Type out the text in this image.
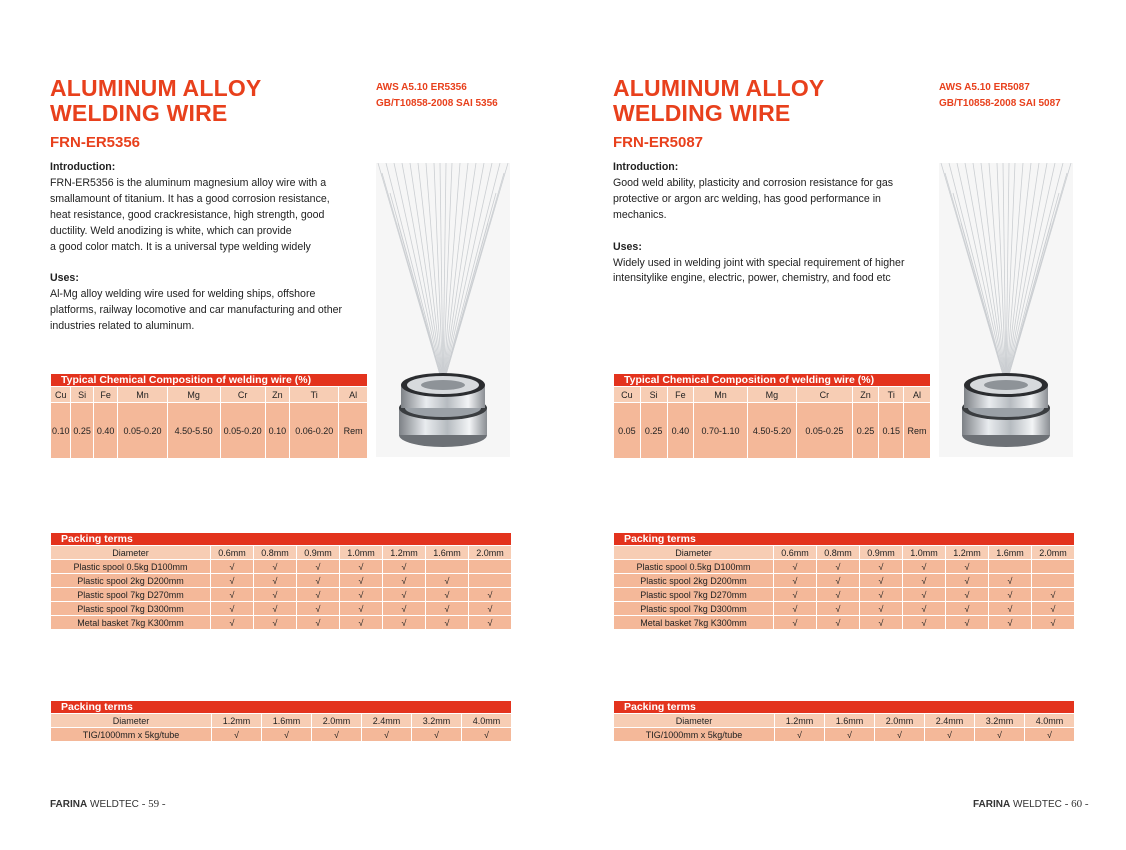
ALUMINUM ALLOY
WELDING WIRE
AWS A5.10 ER5356
GB/T10858-2008 SAI 5356
FRN-ER5356
Introduction:

FRN-ER5356 is the aluminum magnesium alloy wire with a

smallamount of titanium. It has a good corrosion resistance,

heat resistance, good crackresistance, high strength, good

ductility. Weld anodizing is white, which can provide

a good color match. It is a universal type welding widely

Uses:

Al-Mg alloy welding wire used for welding ships, offshore

platforms, railway locomotive and car manufacturing and other

industries related to aluminum.

Typical Chemical Composition of welding wire (%)								
Cu	Si	Fe	Mn	Mg	Cr	Zn	Ti	Al
0.10	0.25	0.40	0.05-0.20	4.50-5.50	0.05-0.20	0.10	0.06-0.20	Rem
Packing terms							
Diameter	0.6mm	0.8mm	0.9mm	1.0mm	1.2mm	1.6mm	2.0mm
Plastic spool 0.5kg D100mm	√	√	√	√	√		
Plastic spool 2kg D200mm	√	√	√	√	√	√	
Plastic spool 7kg D270mm	√	√	√	√	√	√	√
Plastic spool 7kg D300mm	√	√	√	√	√	√	√
Metal basket 7kg K300mm	√	√	√	√	√	√	√
Packing terms						
Diameter	1.2mm	1.6mm	2.0mm	2.4mm	3.2mm	4.0mm
TIG/1000mm x 5kg/tube	√	√	√	√	√	√
FARINA WELDTEC - 59 -
ALUMINUM ALLOY
WELDING WIRE
AWS A5.10 ER5087
GB/T10858-2008 SAI 5087
FRN-ER5087
Introduction:

Good weld ability, plasticity and corrosion resistance for gas

protective or argon arc welding, has good performance in

mechanics.

Uses:

Widely used in welding joint with special requirement of higher

intensitylike engine, electric, power, chemistry, and food etc

Typical Chemical Composition of welding wire (%)								
Cu	Si	Fe	Mn	Mg	Cr	Zn	Ti	Al
0.05	0.25	0.40	0.70-1.10	4.50-5.20	0.05-0.25	0.25	0.15	Rem
Packing terms							
Diameter	0.6mm	0.8mm	0.9mm	1.0mm	1.2mm	1.6mm	2.0mm
Plastic spool 0.5kg D100mm	√	√	√	√	√		
Plastic spool 2kg D200mm	√	√	√	√	√	√	
Plastic spool 7kg D270mm	√	√	√	√	√	√	√
Plastic spool 7kg D300mm	√	√	√	√	√	√	√
Metal basket 7kg K300mm	√	√	√	√	√	√	√
Packing terms						
Diameter	1.2mm	1.6mm	2.0mm	2.4mm	3.2mm	4.0mm
TIG/1000mm x 5kg/tube	√	√	√	√	√	√
FARINA WELDTEC - 60 -
